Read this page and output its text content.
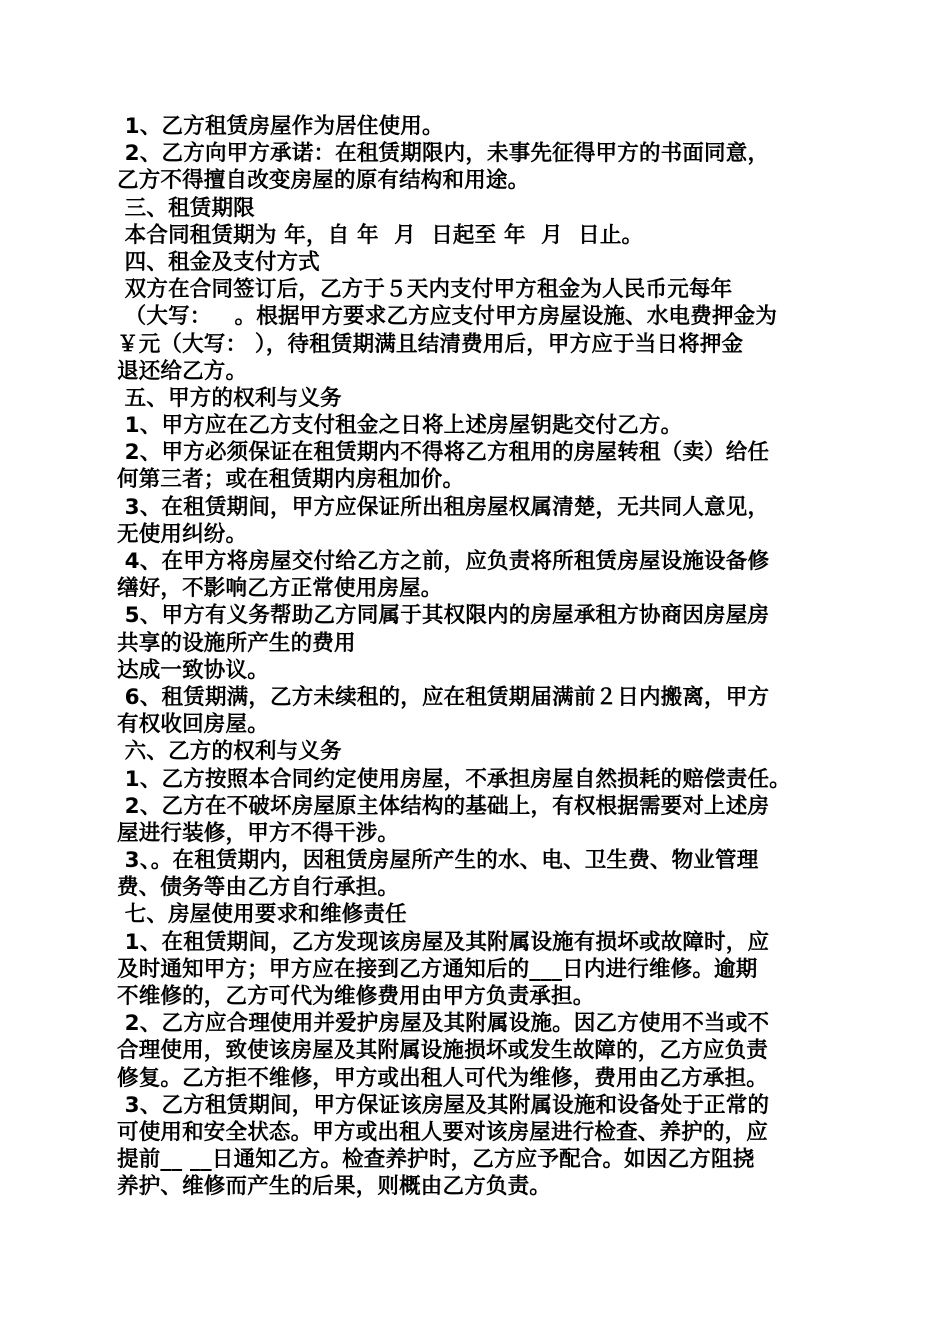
1、乙方租赁房屋作为居住使用。
2、乙方向甲方承诺：在租赁期限内，未事先征得甲方的书面同意，
乙方不得擅自改变房屋的原有结构和用途。
三、租赁期限
本合同租赁期为 年，自 年  月  日起至 年  月  日止。
四、租金及支付方式
双方在合同签订后，乙方于５天内支付甲方租金为人民币元每年
（大写：   。根据甲方要求乙方应支付甲方房屋设施、水电费押金为
￥元（大写： ），待租赁期满且结清费用后，甲方应于当日将押金
退还给乙方。
五、甲方的权利与义务
1、甲方应在乙方支付租金之日将上述房屋钥匙交付乙方。
2、甲方必须保证在租赁期内不得将乙方租用的房屋转租（卖）给任
何第三者；或在租赁期内房租加价。
3、在租赁期间，甲方应保证所出租房屋权属清楚，无共同人意见，
无使用纠纷。
4、在甲方将房屋交付给乙方之前，应负责将所租赁房屋设施设备修
缮好，不影响乙方正常使用房屋。
5、甲方有义务帮助乙方同属于其权限内的房屋承租方协商因房屋房
共享的设施所产生的费用
达成一致协议。
6、租赁期满，乙方未续租的，应在租赁期届满前２日内搬离，甲方
有权收回房屋。
六、乙方的权利与义务
1、乙方按照本合同约定使用房屋，不承担房屋自然损耗的赔偿责任。
2、乙方在不破坏房屋原主体结构的基础上，有权根据需要对上述房
屋进行装修，甲方不得干涉。
3、。在租赁期内，因租赁房屋所产生的水、电、卫生费、物业管理
费、债务等由乙方自行承担。
七、房屋使用要求和维修责任
1、在租赁期间，乙方发现该房屋及其附属设施有损坏或故障时，应
及时通知甲方；甲方应在接到乙方通知后的___日内进行维修。逾期
不维修的，乙方可代为维修费用由甲方负责承担。
2、乙方应合理使用并爱护房屋及其附属设施。因乙方使用不当或不
合理使用，致使该房屋及其附属设施损坏或发生故障的，乙方应负责
修复。乙方拒不维修，甲方或出租人可代为维修，费用由乙方承担。
3、乙方租赁期间，甲方保证该房屋及其附属设施和设备处于正常的
可使用和安全状态。甲方或出租人要对该房屋进行检查、养护的，应
提前__ __日通知乙方。检查养护时，乙方应予配合。如因乙方阻挠
养护、维修而产生的后果，则概由乙方负责。
